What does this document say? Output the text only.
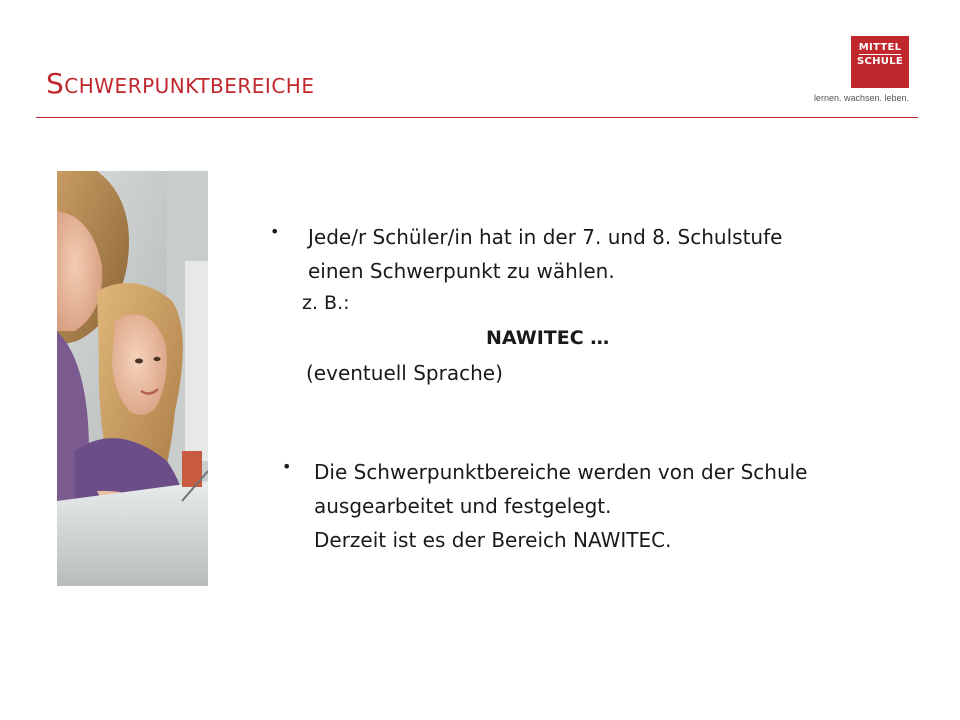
Schwerpunktbereiche
MITTEL
SCHULE
lernen. wachsen. leben.
• Jede/r Schüler/in hat in der 7. und 8. Schulstufe
einen Schwerpunkt zu wählen.
z. B.:
NAWITEC …
(eventuell Sprache)
• Die Schwerpunktbereiche werden von der Schule
ausgearbeitet und festgelegt.
Derzeit ist es der Bereich NAWITEC.
